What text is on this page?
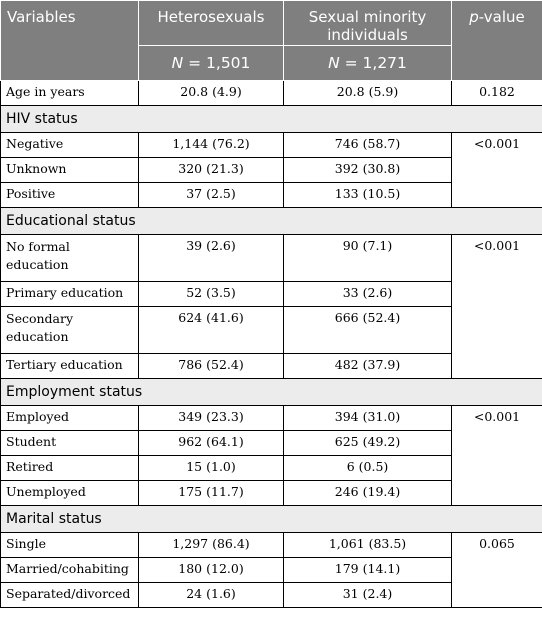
Variables	Heterosexuals	Sexual minority individuals	p-value
	N = 1,501	N = 1,271	
Age in years	20.8 (4.9)	20.8 (5.9)	0.182
HIV status			
Negative	1,144 (76.2)	746 (58.7)	<0.001
Unknown	320 (21.3)	392 (30.8)	
Positive	37 (2.5)	133 (10.5)	
Educational status			
No formal education	39 (2.6)	90 (7.1)	<0.001
Primary education	52 (3.5)	33 (2.6)	
Secondary education	624 (41.6)	666 (52.4)	
Tertiary education	786 (52.4)	482 (37.9)	
Employment status			
Employed	349 (23.3)	394 (31.0)	<0.001
Student	962 (64.1)	625 (49.2)	
Retired	15 (1.0)	6 (0.5)	
Unemployed	175 (11.7)	246 (19.4)	
Marital status			
Single	1,297 (86.4)	1,061 (83.5)	0.065
Married/cohabiting	180 (12.0)	179 (14.1)	
Separated/divorced	24 (1.6)	31 (2.4)	
